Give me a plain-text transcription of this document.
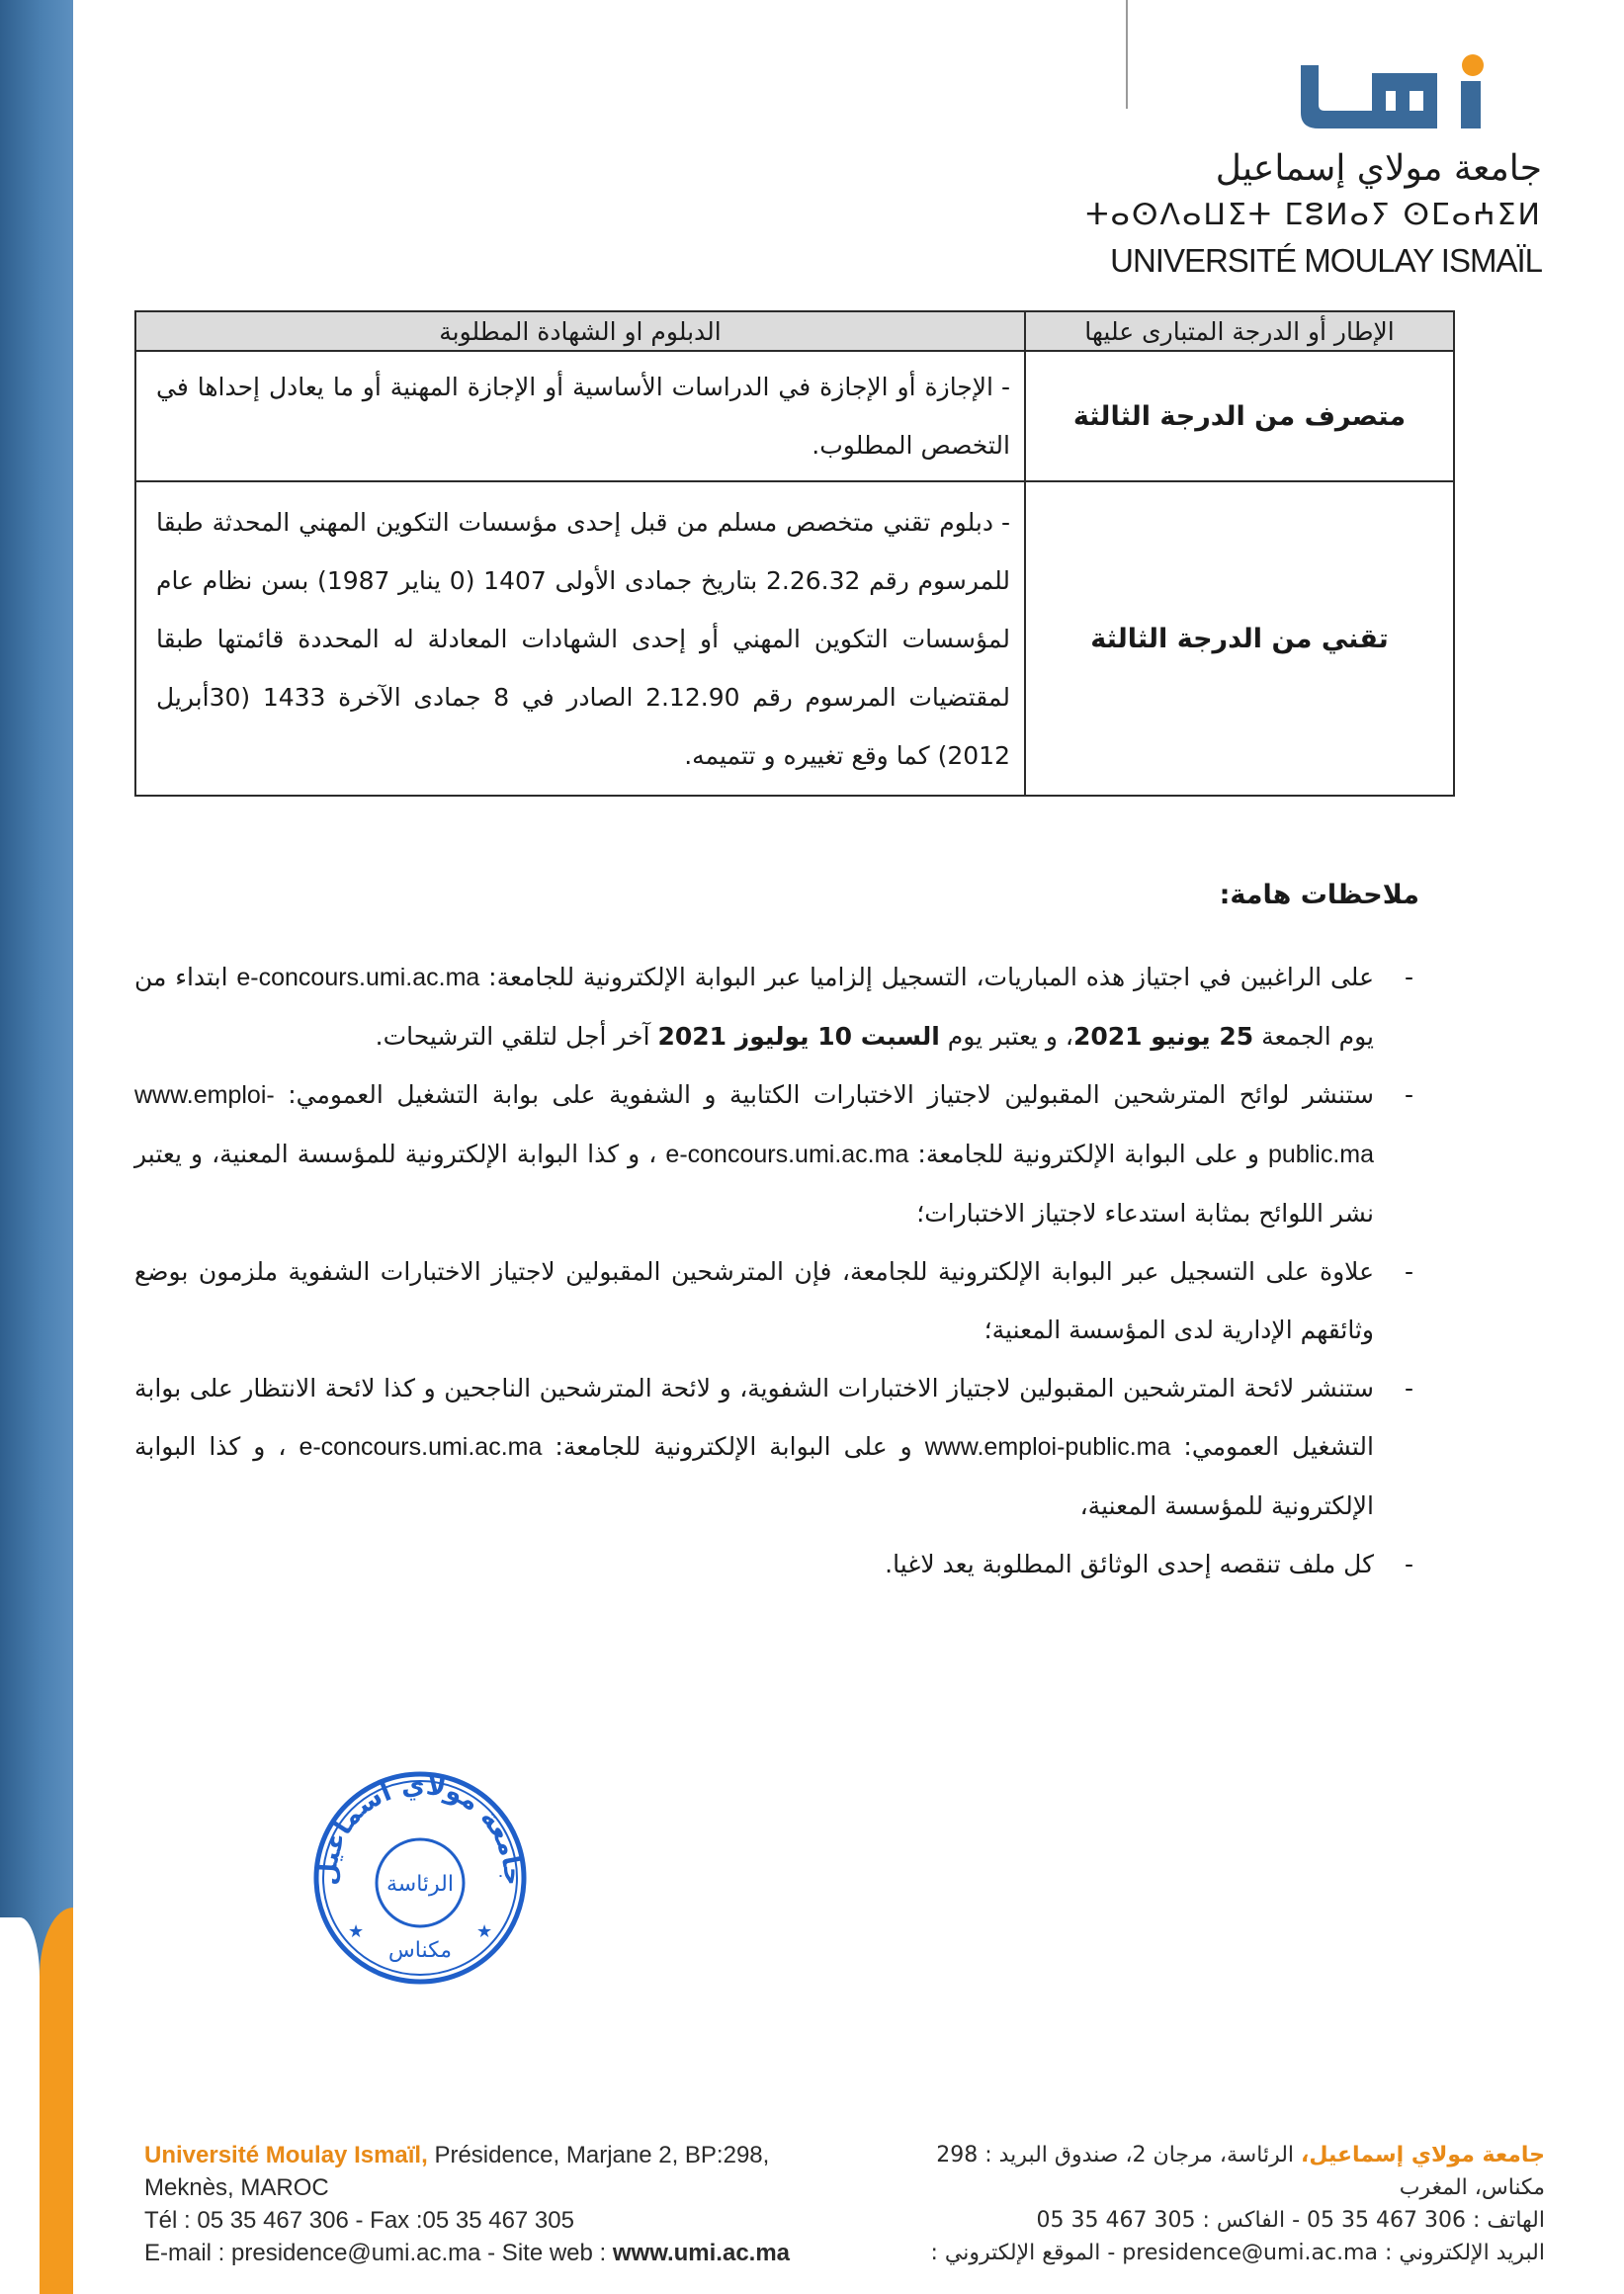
جامعة مولاي إسماعيل
ⵜⴰⵙⴷⴰⵡⵉⵜ ⵎⵓⵍⴰⵢ ⵙⵎⴰⵄⵉⵍ
UNIVERSITÉ MOULAY ISMAÏL
الإطار أو الدرجة المتبارى عليها	الدبلوم او الشهادة المطلوبة
متصرف من الدرجة الثالثة	-الإجازة أو الإجازة في الدراسات الأساسية أو الإجازة المهنية أو ما يعادل إحداها في التخصص المطلوب.
تقني من الدرجة الثالثة	-دبلوم تقني متخصص مسلم من قبل إحدى مؤسسات التكوين المهني المحدثة طبقا للمرسوم رقم 2.26.32 بتاريخ جمادى الأولى 1407 (0 يناير 1987) بسن نظام عام لمؤسسات التكوين المهني أو إحدى الشهادات المعادلة له المحددة قائمتها طبقا لمقتضيات المرسوم رقم 2.12.90 الصادر في 8 جمادى الآخرة 1433 (30أبريل 2012) كما وقع تغييره و تتميمه.
ملاحظات هامة:
- على الراغبين في اجتياز هذه المباريات، التسجيل إلزاميا عبر البوابة الإلكترونية للجامعة: e-concours.umi.ac.ma ابتداء من يوم الجمعة 25 يونيو 2021، و يعتبر يوم السبت 10 يوليوز 2021 آخر أجل لتلقي الترشيحات.
- ستنشر لوائح المترشحين المقبولين لاجتياز الاختبارات الكتابية و الشفوية على بوابة التشغيل العمومي: www.emploi-public.ma و على البوابة الإلكترونية للجامعة: e-concours.umi.ac.ma ، و كذا البوابة الإلكترونية للمؤسسة المعنية، و يعتبر نشر اللوائح بمثابة استدعاء لاجتياز الاختبارات؛
- علاوة على التسجيل عبر البوابة الإلكترونية للجامعة، فإن المترشحين المقبولين لاجتياز الاختبارات الشفوية ملزمون بوضع وثائقهم الإدارية لدى المؤسسة المعنية؛
- ستنشر لائحة المترشحين المقبولين لاجتياز الاختبارات الشفوية، و لائحة المترشحين الناجحين و كذا لائحة الانتظار على بوابة التشغيل العمومي: www.emploi-public.ma و على البوابة الإلكترونية للجامعة: e-concours.umi.ac.ma ، و كذا البوابة الإلكترونية للمؤسسة المعنية،
- كل ملف تنقصه إحدى الوثائق المطلوبة يعد لاغيا.
جامعة مولاي اسماعيل
الرئاسة
مكناس
★	★
Université Moulay Ismaïl, Présidence, Marjane 2, BP:298,
Meknès, MAROC
Tél : 05 35 467 306 - Fax :05 35 467 305
E-mail : presidence@umi.ac.ma - Site web : www.umi.ac.ma
جامعة مولاي إسماعيل، الرئاسة، مرجان 2، صندوق البريد : 298
مكناس، المغرب
الهاتف : 306 467 35 05 - الفاكس : 305 467 35 05
البريد الإلكتروني : presidence@umi.ac.ma - الموقع الإلكتروني :
